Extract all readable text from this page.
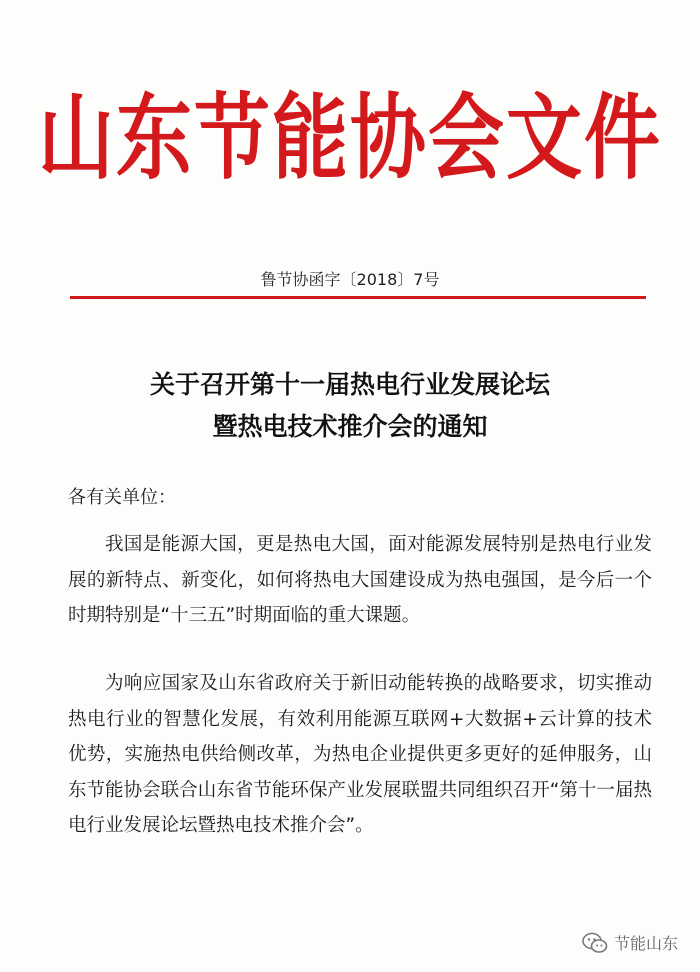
山东节能协会文件
鲁节协函字〔2018〕7号
关于召开第十一届热电行业发展论坛
暨热电技术推介会的通知
各有关单位：

我国是能源大国，更是热电大国，面对能源发展特别是热电行业发展的新特点、新变化，如何将热电大国建设成为热电强国，是今后一个时期特别是“十三五”时期面临的重大课题。

为响应国家及山东省政府关于新旧动能转换的战略要求，切实推动热电行业的智慧化发展，有效利用能源互联网+大数据+云计算的技术优势，实施热电供给侧改革，为热电企业提供更多更好的延伸服务，山东节能协会联合山东省节能环保产业发展联盟共同组织召开“第十一届热电行业发展论坛暨热电技术推介会”。

节能山东
